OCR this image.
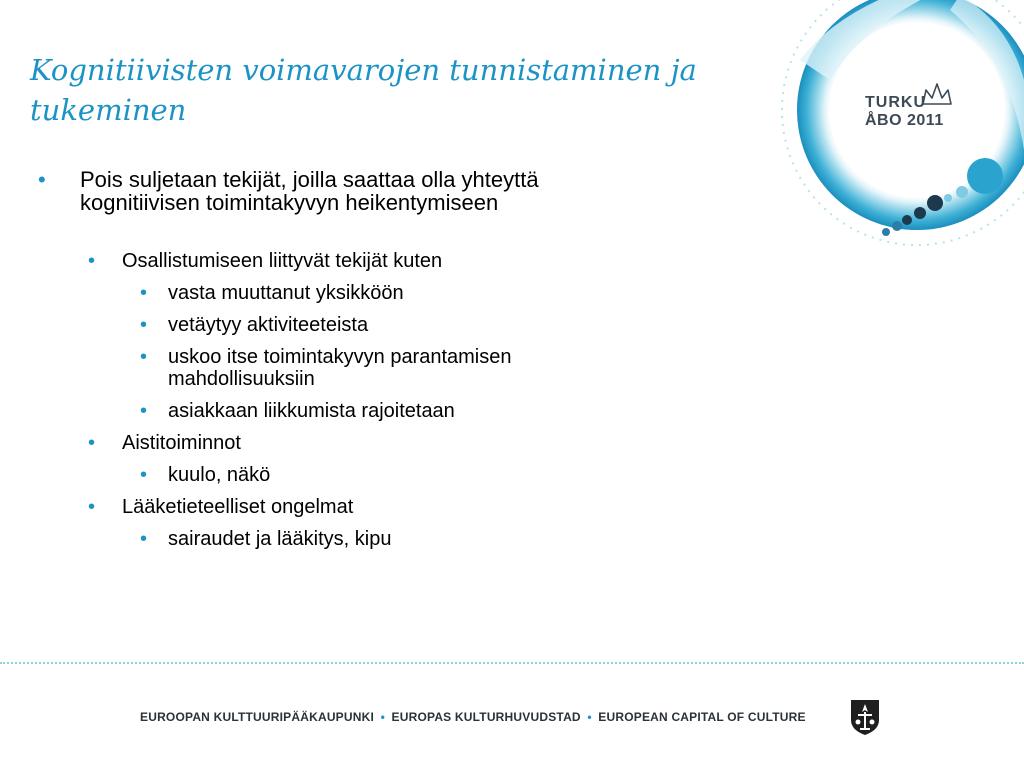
TURKU
ÅBO 2011
Kognitiivisten voimavarojen tunnistaminen ja tukeminen
• Pois suljetaan tekijät, joilla saattaa olla yhteyttä kognitiivisen toimintakyvyn heikentymiseen
• Osallistumiseen liittyvät tekijät kuten
• vasta muuttanut yksikköön
• vetäytyy aktiviteeteista
• uskoo itse toimintakyvyn parantamisen mahdollisuuksiin
• asiakkaan liikkumista rajoitetaan
• Aistitoiminnot
• kuulo, näkö
• Lääketieteelliset ongelmat
• sairaudet ja lääkitys, kipu
EUROOPAN KULTTUURIPÄÄKAUPUNKI • EUROPAS KULTURHUVUDSTAD • EUROPEAN CAPITAL OF CULTURE
